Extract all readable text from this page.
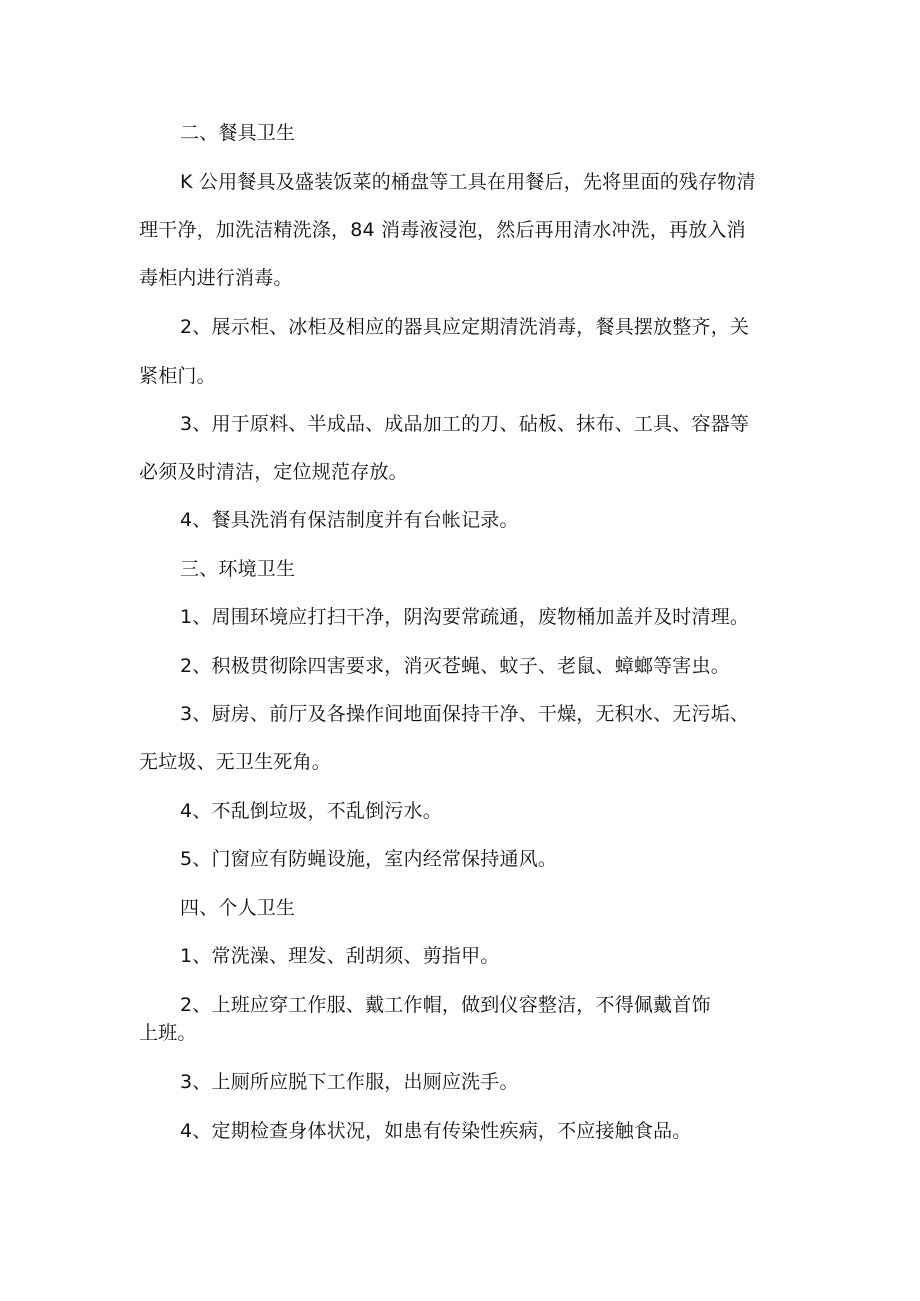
二、餐具卫生

K 公用餐具及盛装饭菜的桶盘等工具在用餐后，先将里面的残存物清

理干净，加洗洁精洗涤，84 消毒液浸泡，然后再用清水冲洗，再放入消

毒柜内进行消毒。

2、展示柜、冰柜及相应的器具应定期清洗消毒，餐具摆放整齐，关

紧柜门。

3、用于原料、半成品、成品加工的刀、砧板、抹布、工具、容器等

必须及时清洁，定位规范存放。

4、餐具洗消有保洁制度并有台帐记录。

三、环境卫生

1、周围环境应打扫干净，阴沟要常疏通，废物桶加盖并及时清理。

2、积极贯彻除四害要求，消灭苍蝇、蚊子、老鼠、蟑螂等害虫。

3、厨房、前厅及各操作间地面保持干净、干燥，无积水、无污垢、

无垃圾、无卫生死角。

4、不乱倒垃圾，不乱倒污水。

5、门窗应有防蝇设施，室内经常保持通风。

四、个人卫生

1、常洗澡、理发、刮胡须、剪指甲。

2、上班应穿工作服、戴工作帽，做到仪容整洁，不得佩戴首饰

上班。

3、上厕所应脱下工作服，出厕应洗手。

4、定期检查身体状况，如患有传染性疾病，不应接触食品。
